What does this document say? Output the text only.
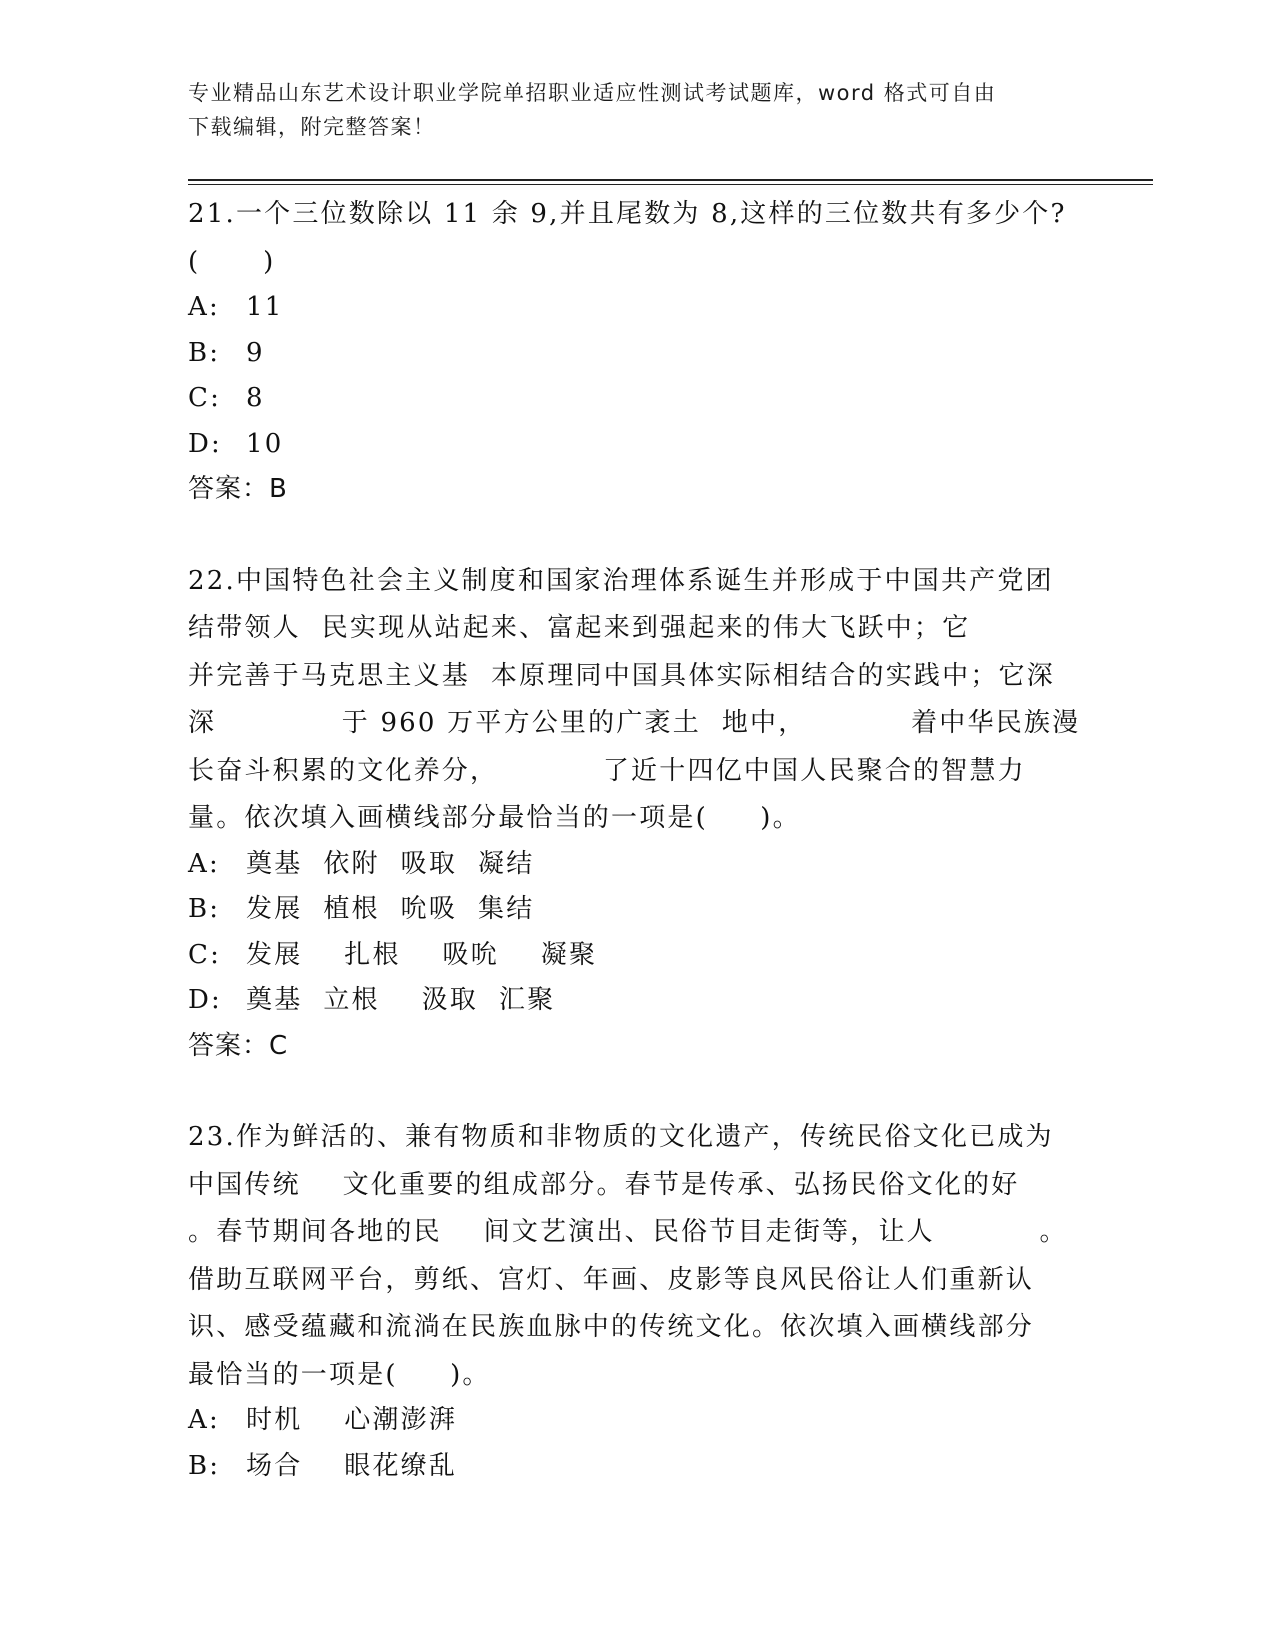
专业精品山东艺术设计职业学院单招职业适应性测试考试题库，word 格式可自由
下载编辑，附完整答案！

21.一个三位数除以 11 余 9,并且尾数为 8,这样的三位数共有多少个?

(      )

A: 11

B: 9

C: 8

D: 10

答案：B

22.中国特色社会主义制度和国家治理体系诞生并形成于中国共产党团

结带领人  民实现从站起来、富起来到强起来的伟大飞跃中；它

并完善于马克思主义基  本原理同中国具体实际相结合的实践中；它深

深            于 960 万平方公里的广袤土  地中，          着中华民族漫

长奋斗积累的文化养分，          了近十四亿中国人民聚合的智慧力

量。依次填入画横线部分最恰当的一项是(     )。

A: 奠基  依附  吸取  凝结

B: 发展  植根  吮吸  集结

C: 发展    扎根    吸吮    凝聚

D: 奠基  立根    汲取  汇聚

答案：C

23.作为鲜活的、兼有物质和非物质的文化遗产，传统民俗文化已成为

中国传统    文化重要的组成部分。春节是传承、弘扬民俗文化的好

。春节期间各地的民    间文艺演出、民俗节目走街等，让人          。

借助互联网平台，剪纸、宫灯、年画、皮影等良风民俗让人们重新认

识、感受蕴藏和流淌在民族血脉中的传统文化。依次填入画横线部分

最恰当的一项是(     )。

A: 时机    心潮澎湃

B: 场合    眼花缭乱
